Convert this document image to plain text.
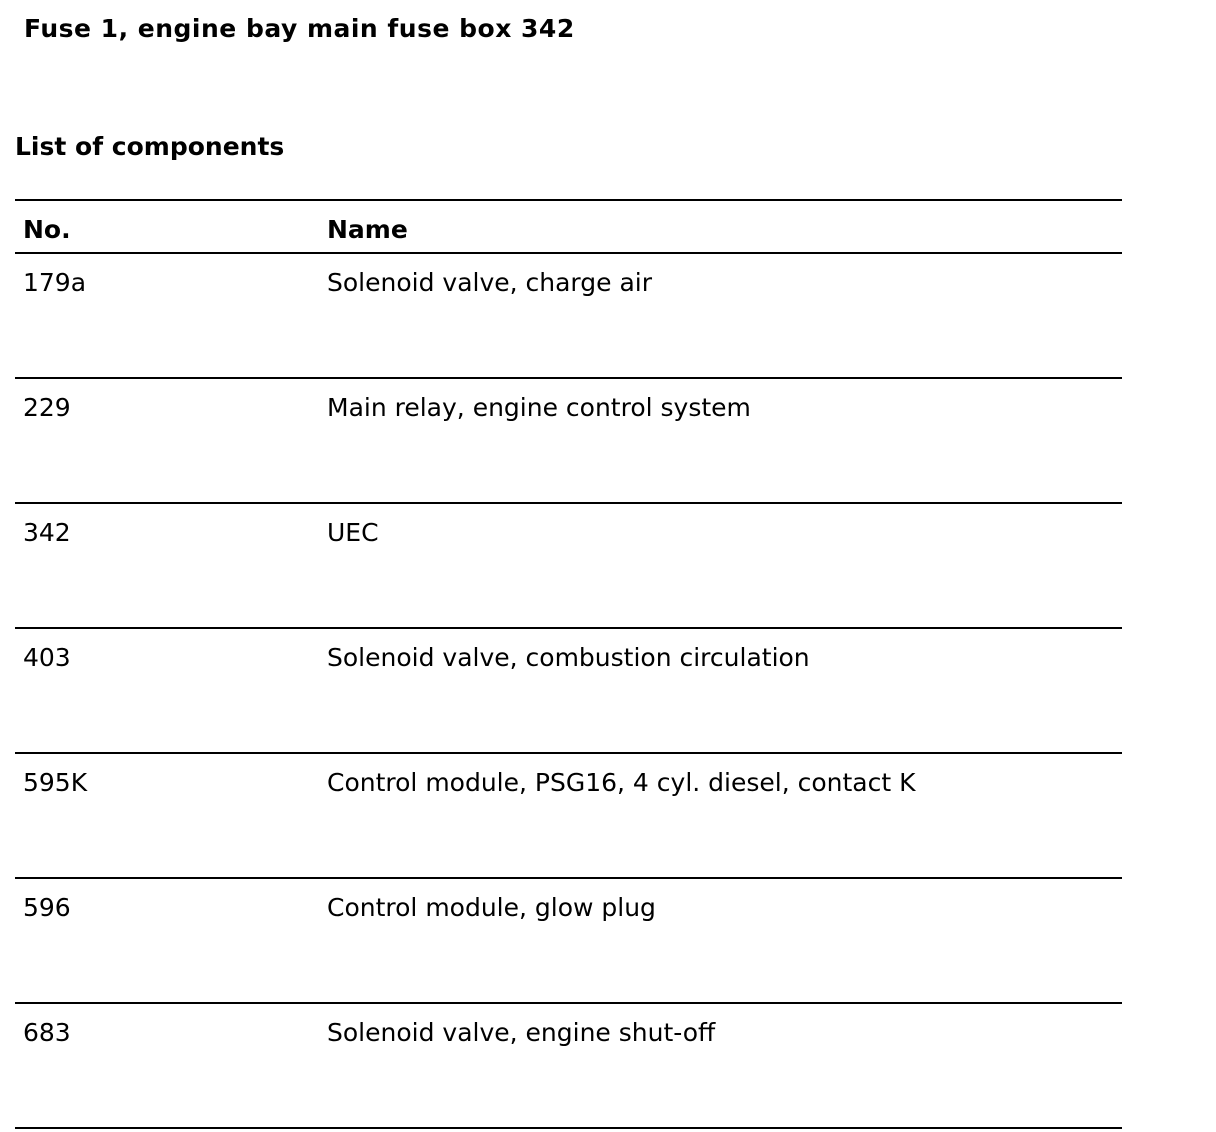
Fuse 1, engine bay main fuse box 342
List of components
No.	Name
179a	Solenoid valve, charge air
229	Main relay, engine control system
342	UEC
403	Solenoid valve, combustion circulation
595K	Control module, PSG16, 4 cyl. diesel, contact K
596	Control module, glow plug
683	Solenoid valve, engine shut-off
